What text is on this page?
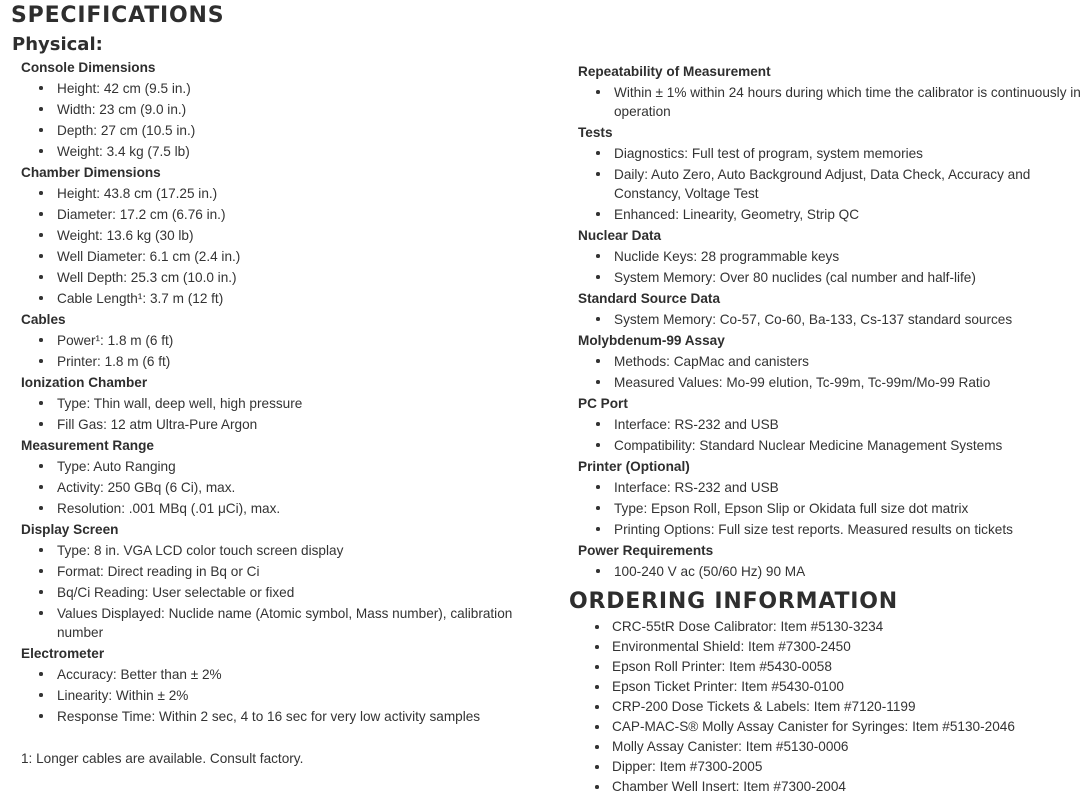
SPECIFICATIONS
Physical:
Console Dimensions
Height: 42 cm (9.5 in.)
Width: 23 cm (9.0 in.)
Depth: 27 cm (10.5 in.)
Weight: 3.4 kg (7.5 lb)
Chamber Dimensions
Height: 43.8 cm (17.25 in.)
Diameter: 17.2 cm (6.76 in.)
Weight: 13.6 kg (30 lb)
Well Diameter: 6.1 cm (2.4 in.)
Well Depth: 25.3 cm (10.0 in.)
Cable Length¹: 3.7 m (12 ft)
Cables
Power¹: 1.8 m (6 ft)
Printer: 1.8 m (6 ft)
Ionization Chamber
Type: Thin wall, deep well, high pressure
Fill Gas: 12 atm Ultra-Pure Argon
Measurement Range
Type: Auto Ranging
Activity: 250 GBq (6 Ci), max.
Resolution: .001 MBq (.01 μCi), max.
Display Screen
Type: 8 in. VGA LCD color touch screen display
Format: Direct reading in Bq or Ci
Bq/Ci Reading: User selectable or fixed
Values Displayed: Nuclide name (Atomic symbol, Mass number), calibration number
Electrometer
Accuracy: Better than ± 2%
Linearity: Within ± 2%
Response Time: Within 2 sec, 4 to 16 sec for very low activity samples
1: Longer cables are available. Consult factory.
Repeatability of Measurement
Within ± 1% within 24 hours during which time the calibrator is continuously in operation
Tests
Diagnostics: Full test of program, system memories
Daily: Auto Zero, Auto Background Adjust, Data Check, Accuracy and Constancy, Voltage Test
Enhanced: Linearity, Geometry, Strip QC
Nuclear Data
Nuclide Keys: 28 programmable keys
System Memory: Over 80 nuclides (cal number and half-life)
Standard Source Data
System Memory: Co-57, Co-60, Ba-133, Cs-137 standard sources
Molybdenum-99 Assay
Methods: CapMac and canisters
Measured Values: Mo-99 elution, Tc-99m, Tc-99m/Mo-99 Ratio
PC Port
Interface: RS-232 and USB
Compatibility: Standard Nuclear Medicine Management Systems
Printer (Optional)
Interface: RS-232 and USB
Type: Epson Roll, Epson Slip or Okidata full size dot matrix
Printing Options: Full size test reports. Measured results on tickets
Power Requirements
100-240 V ac (50/60 Hz) 90 MA
ORDERING INFORMATION
CRC-55tR Dose Calibrator: Item #5130-3234
Environmental Shield: Item #7300-2450
Epson Roll Printer: Item #5430-0058
Epson Ticket Printer: Item #5430-0100
CRP-200 Dose Tickets & Labels: Item #7120-1199
CAP-MAC-S® Molly Assay Canister for Syringes: Item #5130-2046
Molly Assay Canister: Item #5130-0006
Dipper: Item #7300-2005
Chamber Well Insert: Item #7300-2004
